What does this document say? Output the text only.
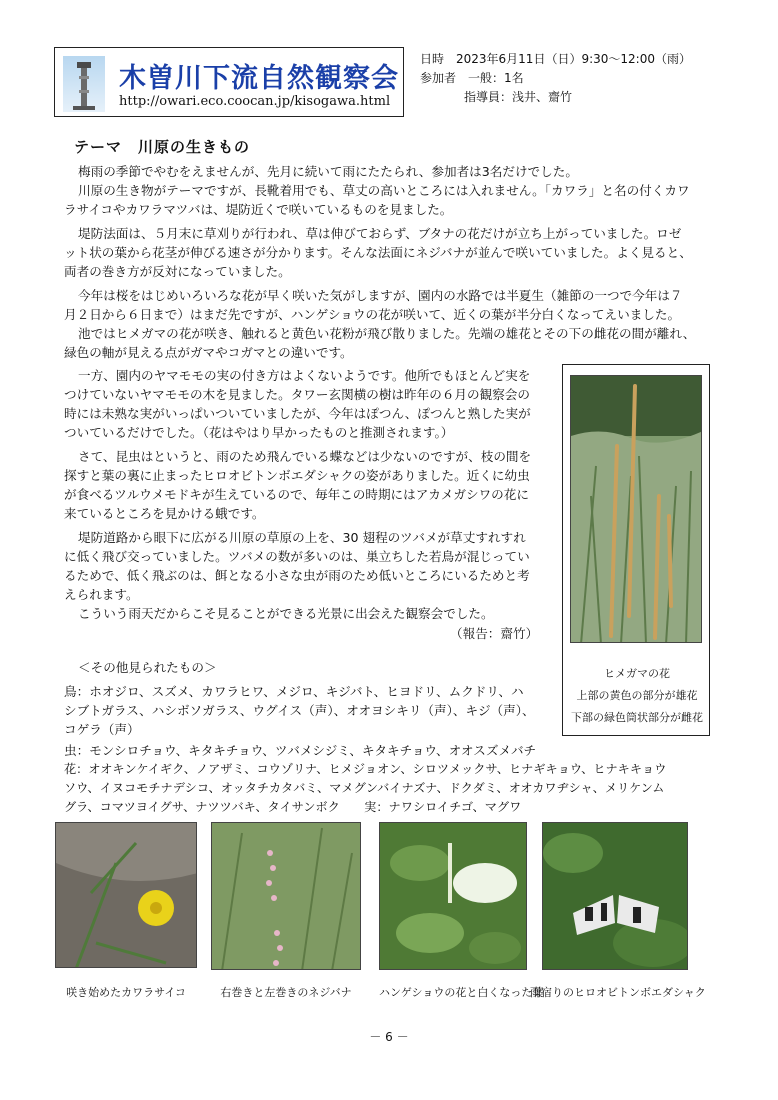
木曽川下流自然観察会
http://owari.eco.coocan.jp/kisogawa.html
日時　2023年6月11日（日）9:30〜12:00（雨）
参加者　一般：1名
指導員：浅井、齋竹
テーマ　川原の生きもの
梅雨の季節でやむをえませんが、先月に続いて雨にたたられ、参加者は3名だけでした。
川原の生き物がテーマですが、長靴着用でも、草丈の高いところには入れません。「カワラ」と名の付くカワ
ラサイコやカワラマツバは、堤防近くで咲いているものを見ました。
堤防法面は、５月末に草刈りが行われ、草は伸びておらず、ブタナの花だけが立ち上がっていました。ロゼ
ット状の葉から花茎が伸びる速さが分かります。そんな法面にネジバナが並んで咲いていました。よく見ると、
両者の巻き方が反対になっていました。
今年は桜をはじめいろいろな花が早く咲いた気がしますが、園内の水路では半夏生（雑節の一つで今年は７
月２日から６日まで）はまだ先ですが、ハンゲショウの花が咲いて、近くの葉が半分白くなってえいました。
池ではヒメガマの花が咲き、触れると黄色い花粉が飛び散りました。先端の雄花とその下の雌花の間が離れ、
緑色の軸が見える点がガマやコガマとの違いです。
一方、園内のヤマモモの実の付き方はよくないようです。他所でもほとんど実を
つけていないヤマモモの木を見ました。タワー玄関横の樹は昨年の６月の観察会の
時には未熟な実がいっぱいついていましたが、今年はぽつん、ぽつんと熟した実が
ついているだけでした。（花はやはり早かったものと推測されます。）
さて、昆虫はというと、雨のため飛んでいる蝶などは少ないのですが、枝の間を
探すと葉の裏に止まったヒロオビトンボエダシャクの姿がありました。近くに幼虫
が食べるツルウメモドキが生えているので、毎年この時期にはアカメガシワの花に
来ているところを見かける蛾です。
堤防道路から眼下に広がる川原の草原の上を、30 翅程のツバメが草丈すれすれ
に低く飛び交っていました。ツバメの数が多いのは、巣立ちした若鳥が混じってい
るためで、低く飛ぶのは、餌となる小さな虫が雨のため低いところにいるためと考
えられます。
こういう雨天だからこそ見ることができる光景に出会えた観察会でした。
（報告：齋竹）
ヒメガマの花
上部の黄色の部分が雄花
下部の緑色筒状部分が雌花
＜その他見られたもの＞
鳥：ホオジロ、スズメ、カワラヒワ、メジロ、キジバト、ヒヨドリ、ムクドリ、ハ
シブトガラス、ハシボソガラス、ウグイス（声）、オオヨシキリ（声）、キジ（声）、
コゲラ（声）
虫：モンシロチョウ、キタキチョウ、ツバメシジミ、キタキチョウ、オオスズメバチ
花：オオキンケイギク、ノアザミ、コウゾリナ、ヒメジョオン、シロツメックサ、ヒナギキョウ、ヒナキキョウ
ソウ、イヌコモチナデシコ、オッタチカタバミ、マメグンバイナズナ、ドクダミ、オオカワヂシャ、メリケンム
グラ、コマツヨイグサ、ナツツバキ、タイサンボク　　実：ナワシロイチゴ、マグワ
咲き始めたカワラサイコ	右巻きと左巻きのネジバナ	ハンゲショウの花と白くなった葉
雨宿りのヒロオビトンボエダシャク
－ 6 －
